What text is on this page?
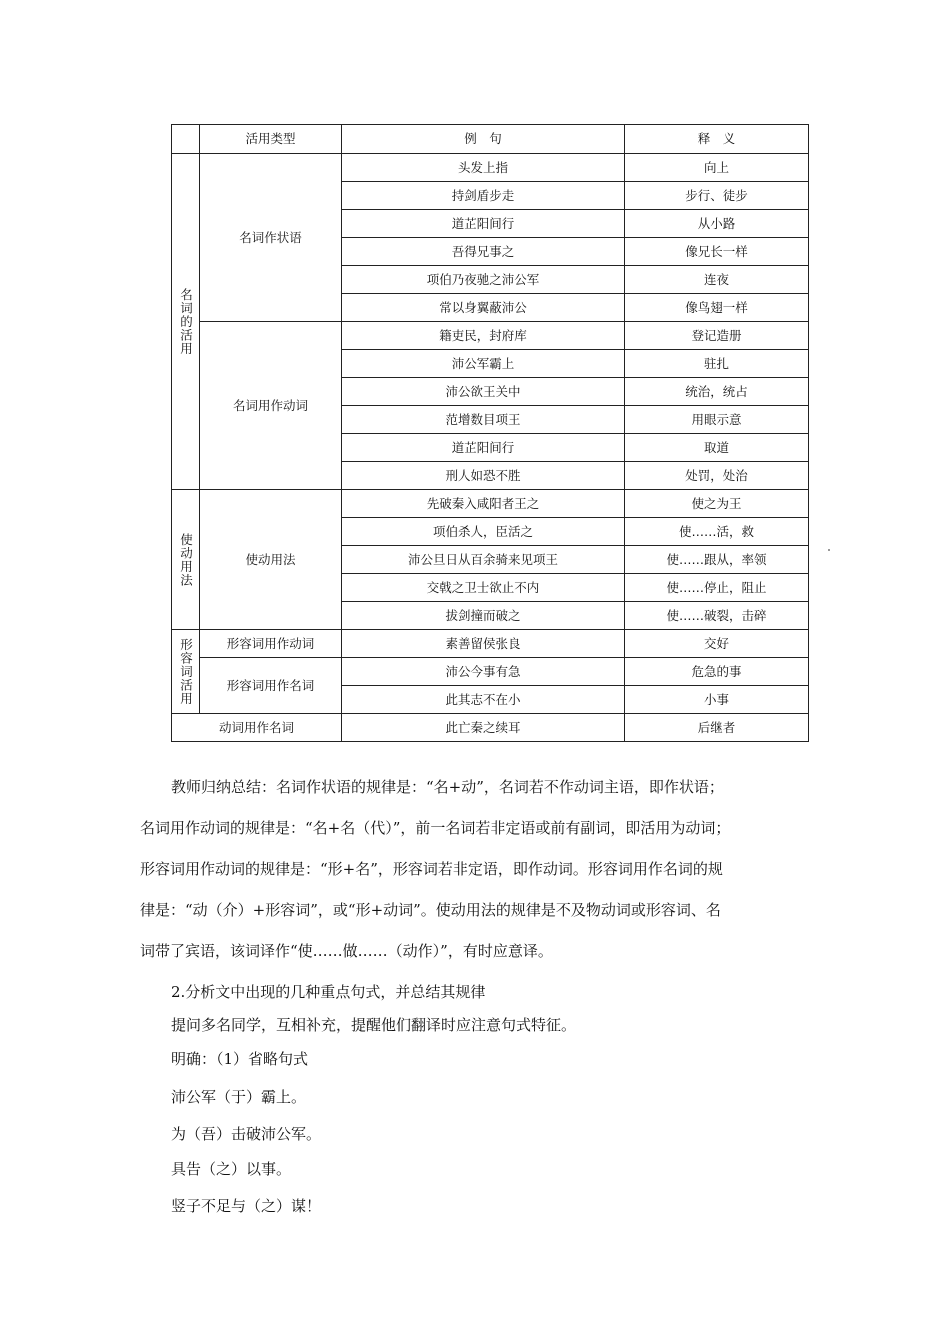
	活用类型	例　句	释　义
名词的活用	名词作状语	头发上指	向上
		持剑盾步走	步行、徒步
		道芷阳间行	从小路
		吾得兄事之	像兄长一样
		项伯乃夜驰之沛公军	连夜
		常以身翼蔽沛公	像鸟翅一样
	名词用作动词	籍吏民，封府库	登记造册
		沛公军霸上	驻扎
		沛公欲王关中	统治，统占
		范增数目项王	用眼示意
		道芷阳间行	取道
		刑人如恐不胜	处罚，处治
使动用法	使动用法	先破秦入咸阳者王之	使之为王
		项伯杀人，臣活之	使……活，救
		沛公旦日从百余骑来见项王	使……跟从，率领
		交戟之卫士欲止不内	使……停止，阻止
		拔剑撞而破之	使……破裂，击碎
形容词活用	形容词用作动词	素善留侯张良	交好
	形容词用作名词	沛公今事有急	危急的事
		此其志不在小	小事
动词用作名词		此亡秦之续耳	后继者
教师归纳总结：名词作状语的规律是：“名+动”，名词若不作动词主语，即作状语；
名词用作动词的规律是：“名+名（代）”，前一名词若非定语或前有副词，即活用为动词；
形容词用作动词的规律是：“形+名”，形容词若非定语，即作动词。形容词用作名词的规
律是：“动（介）+形容词”，或“形+动词”。使动用法的规律是不及物动词或形容词、名
词带了宾语，该词译作“使……做……（动作）”，有时应意译。
2.分析文中出现的几种重点句式，并总结其规律
提问多名同学，互相补充，提醒他们翻译时应注意句式特征。
明确：（1）省略句式
沛公军（于）霸上。
为（吾）击破沛公军。
具告（之）以事。
竖子不足与（之）谋！
